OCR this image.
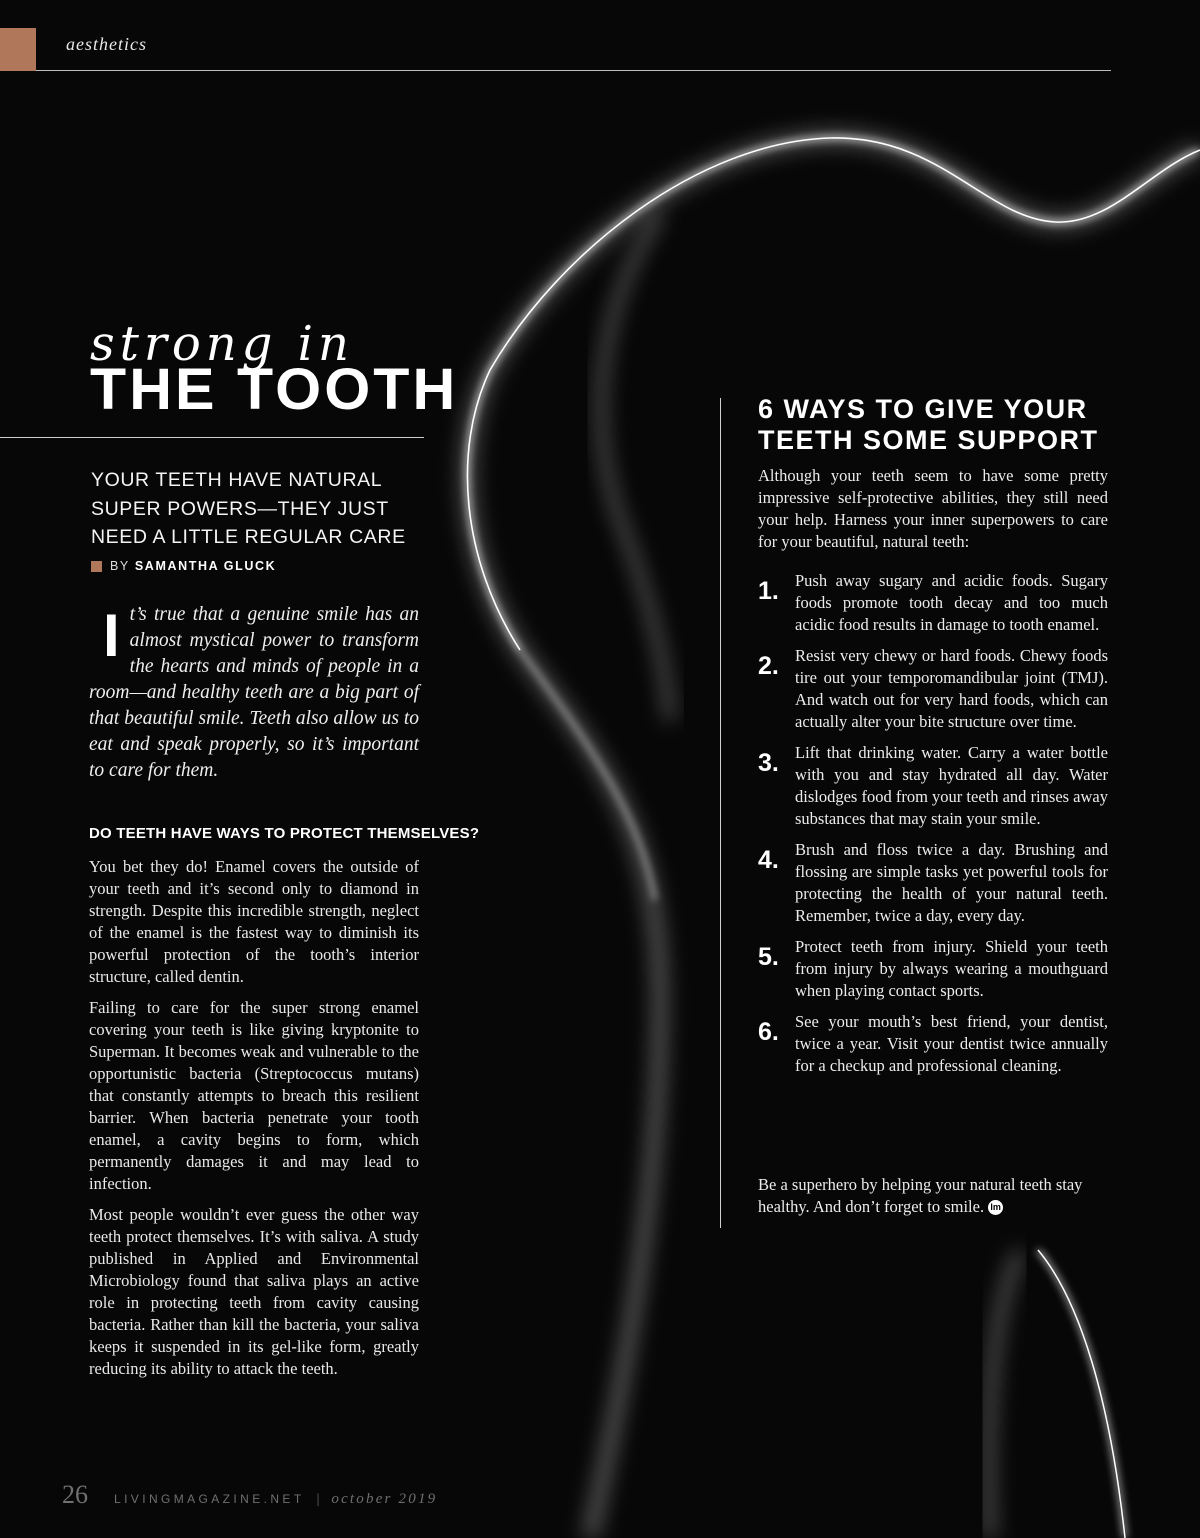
aesthetics
strong in
THE TOOTH
YOUR TEETH HAVE NATURAL SUPER POWERS—THEY JUST NEED A LITTLE REGULAR CARE
BY SAMANTHA GLUCK
It’s true that a genuine smile has an almost mystical power to transform the hearts and minds of people in a room—and healthy teeth are a big part of that beautiful smile. Teeth also allow us to eat and speak properly, so it’s important to care for them.
DO TEETH HAVE WAYS TO PROTECT THEMSELVES?

You bet they do! Enamel covers the outside of your teeth and it’s second only to diamond in strength. Despite this incredible strength, neglect of the enamel is the fastest way to diminish its powerful protection of the tooth’s interior structure, called dentin.

Failing to care for the super strong enamel covering your teeth is like giving kryptonite to Superman. It becomes weak and vulnerable to the opportunistic bacteria (Streptococcus mutans) that constantly attempts to breach this resilient barrier. When bacteria penetrate your tooth enamel, a cavity begins to form, which permanently damages it and may lead to infection.

Most people wouldn’t ever guess the other way teeth protect themselves. It’s with saliva. A study published in Applied and Environmental Microbiology found that saliva plays an active role in protecting teeth from cavity causing bacteria. Rather than kill the bacteria, your saliva keeps it suspended in its gel-like form, greatly reducing its ability to attack the teeth.

6 WAYS TO GIVE YOUR TEETH SOME SUPPORT

Although your teeth seem to have some pretty impressive self-protective abilities, they still need your help. Harness your inner superpowers to care for your beautiful, natural teeth:

1. Push away sugary and acidic foods. Sugary foods promote tooth decay and too much acidic food results in damage to tooth enamel.
2. Resist very chewy or hard foods. Chewy foods tire out your temporomandibular joint (TMJ). And watch out for very hard foods, which can actually alter your bite structure over time.
3. Lift that drinking water. Carry a water bottle with you and stay hydrated all day. Water dislodges food from your teeth and rinses away substances that may stain your smile.
4. Brush and floss twice a day. Brushing and flossing are simple tasks yet powerful tools for protecting the health of your natural teeth. Remember, twice a day, every day.
5. Protect teeth from injury. Shield your teeth from injury by always wearing a mouthguard when playing contact sports.
6. See your mouth’s best friend, your dentist, twice a year. Visit your dentist twice annually for a checkup and professional cleaning.

Be a superhero by helping your natural teeth stay healthy. And don’t forget to smile. lm

26 LIVINGMAGAZINE.NET | october 2019
